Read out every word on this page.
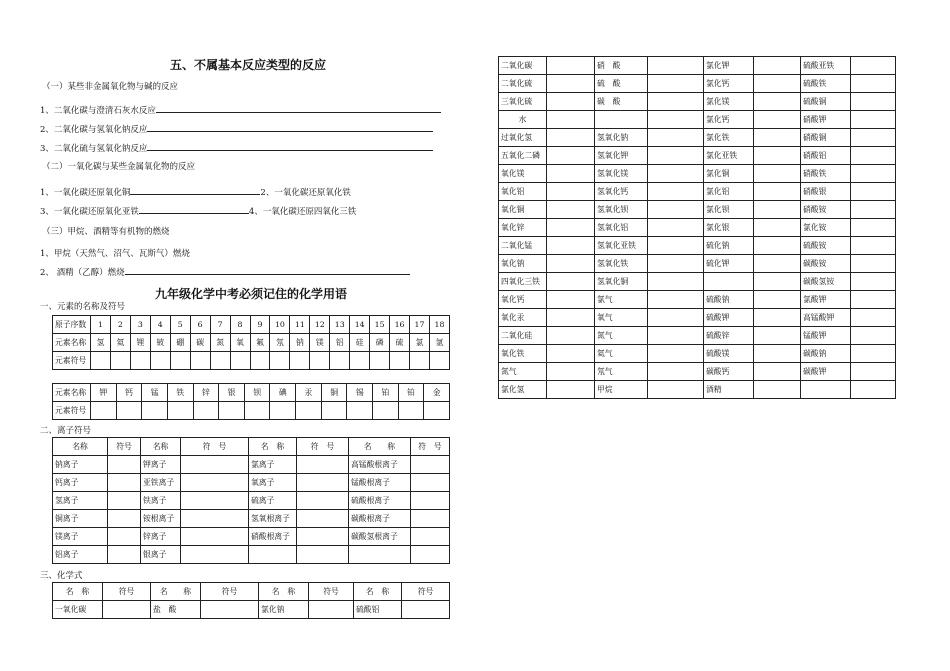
五、不属基本反应类型的反应
（一）某些非金属氧化物与碱的反应
1、二氧化碳与澄清石灰水反应
2、二氧化碳与氢氧化钠反应
3、二氧化硫与氢氧化钠反应
（二）一氧化碳与某些金属氧化物的反应
1、一氧化碳还原氧化铜	2、一氧化碳还原氧化铁
3、一氧化碳还原氧化亚铁	4、一氧化碳还原四氧化三铁
（三）甲烷、酒精等有机物的燃烧
1、甲烷（天然气、沼气、瓦斯气）燃烧
2、 酒精（乙醇）燃烧
九年级化学中考必须记住的化学用语
一、元素的名称及符号
原子序数	1	2	3	4	5	6	7	8	9	10	11	12	13	14	15	16	17	18
元素名称	氢	氦	锂	铍	硼	碳	氮	氧	氟	氖	钠	镁	铝	硅	磷	硫	氯	氩
元素符号																		
元素名称	钾	钙	锰	铁	锌	银	钡	碘	汞	铜	锡	铂	铂	金
元素符号														
二、离子符号
名称	符号	名称	符　号	名　称	符　号	名　　称	符　号
钠离子		钾离子		氯离子		高锰酸根离子	
钙离子		亚铁离子		氧离子		锰酸根离子	
氢离子		铁离子		硫离子		硫酸根离子	
铜离子		铵根离子		氢氧根离子		碳酸根离子	
镁离子		锌离子		硝酸根离子		碳酸氢根离子	
铝离子		银离子					
三、化学式
名　称	符号	名　　称	符号	名　称	符号	名　称	符号
一氧化碳		盐　酸		氯化钠		硫酸铝	
二氧化碳		硝　酸		氯化钾		硫酸亚铁	
二氧化硫		硫　酸		氯化钙		硫酸铁	
三氧化硫		碳　酸		氯化镁		硫酸铜	
水				氯化钙		硝酸钾	
过氧化氢		氢氧化钠		氯化铁		硝酸铜	
五氧化二磷		氢氧化钾		氯化亚铁		硝酸铝	
氧化镁		氢氧化镁		氯化铜		硝酸铁	
氧化铝		氢氧化钙		氯化铝		硝酸银	
氧化铜		氢氧化钡		氯化钡		硝酸铵	
氧化锌		氢氧化铝		氯化银		氯化铵	
二氧化锰		氢氧化亚铁		硫化钠		硫酸铵	
氧化钠		氢氧化铁		硫化钾		碳酸铵	
四氧化三铁		氢氧化铜				碳酸氢铵	
氧化钙		氯气		硫酸钠		氯酸钾	
氧化汞		氧气		硫酸钾		高锰酸钾	
二氧化硅		氮气		硫酸锌		锰酸钾	
氧化铁		氦气		硫酸镁		碳酸钠	
氮气		氖气		碳酸钙		碳酸钾	
氯化氢		甲烷		酒精			
